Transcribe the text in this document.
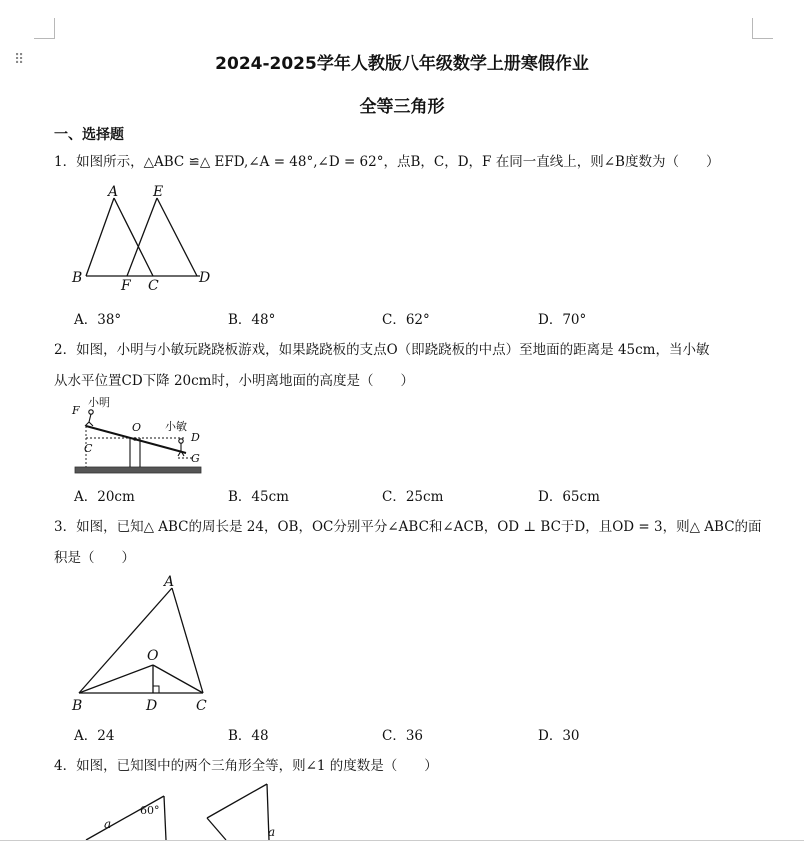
⠿	2024-2025学年人教版八年级数学上册寒假作业
全等三角形
一、选择题
1．如图所示，△ABC ≌△ EFD,∠A = 48°,∠D = 62°，点B，C，D，F 在同一直线上，则∠B度数为（　　）
A E
B	F C	D
A．38°	B．48°	C．62°	D．70°
2．如图，小明与小敏玩跷跷板游戏，如果跷跷板的支点O（即跷跷板的中点）至地面的距离是 45cm，当小敏
从水平位置CD下降 20cm时，小明离地面的高度是（　　）
F
小明
O 小敏
D
C
G
A．20cm	B．45cm	C．25cm	D．65cm
3．如图，已知△ ABC的周长是 24，OB，OC分别平分∠ABC和∠ACB，OD ⊥ BC于D，且OD = 3，则△ ABC的面
积是（　　）
A
O
B	D	C
A．24	B．48	C．36	D．30
4．如图，已知图中的两个三角形全等，则∠1 的度数是（　　）
a
60°
a
